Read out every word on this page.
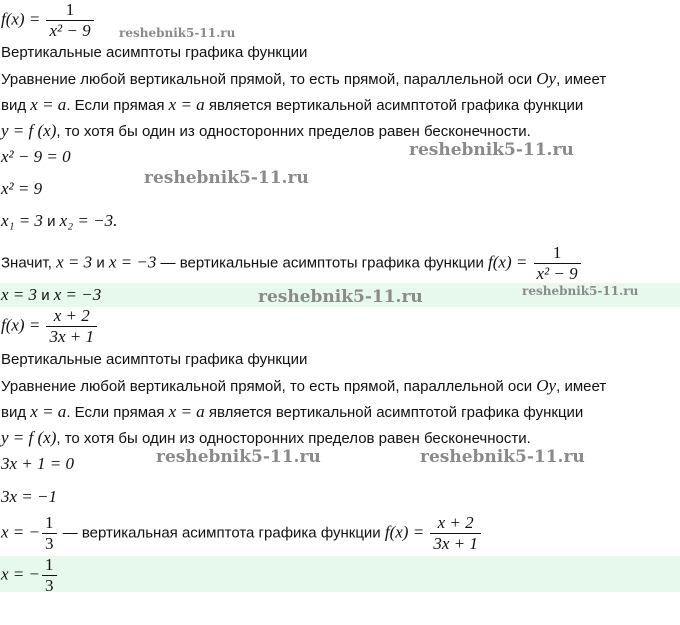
$f(x) = \frac{1}{\text{x² − 9}}$ reshebnik5-11.ru
Вертикальные асимптоты графика функции
Уравнение любой вертикальной прямой, то есть прямой, параллельной оси Oy, имеет
вид x = a. Если прямая x = a является вертикальной асимптотой графика функции
y = f (x), то хотя бы один из односторонних пределов равен бесконечности.
x² − 9 = 0	reshebnik5-11.ru
x² = 9
reshebnik5-11.ru
x₁ = 3 и x₂ = −3.
Значит, x = 3 и x = −3 — вертикальные асимптоты графика функции $f(x) = \frac{1}{\text{x² − 9}}$
x = 3 и x = −3	reshebnik5-11.ru	reshebnik5-11.ru
$f(x) = \frac{x + 2}{3x + 1}$
Вертикальные асимптоты графика функции
Уравнение любой вертикальной прямой, то есть прямой, параллельной оси Oy, имеет
вид x = a. Если прямая x = a является вертикальной асимптотой графика функции
y = f (x), то хотя бы один из односторонних пределов равен бесконечности.
3x + 1 = 0	reshebnik5-11.ru	reshebnik5-11.ru
3x = −1
x = − $\frac{1}{3}$ — вертикальная асимптота графика функции $f(x) = \frac{x + 2}{3x + 1}$
x = − $\frac{1}{3}$
